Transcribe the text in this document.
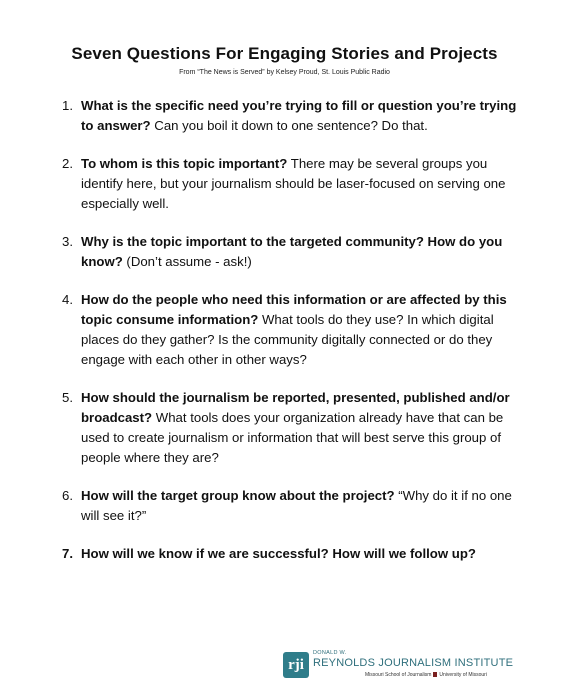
Seven Questions For Engaging Stories and Projects
From “The News is Served” by Kelsey Proud, St. Louis Public Radio
1. What is the specific need you’re trying to fill or question you’re trying to answer? Can you boil it down to one sentence? Do that.
2. To whom is this topic important? There may be several groups you identify here, but your journalism should be laser-focused on serving one especially well.
3. Why is the topic important to the targeted community? How do you know? (Don’t assume - ask!)
4. How do the people who need this information or are affected by this topic consume information? What tools do they use? In which digital places do they gather? Is the community digitally connected or do they engage with each other in other ways?
5. How should the journalism be reported, presented, published and/or broadcast? What tools does your organization already have that can be used to create journalism or information that will best serve this group of people where they are?
6. How will the target group know about the project? “Why do it if no one will see it?”
7. How will we know if we are successful? How will we follow up?
rji
DONALD W.
REYNOLDS JOURNALISM INSTITUTE
Missouri School of Journalism University of Missouri
